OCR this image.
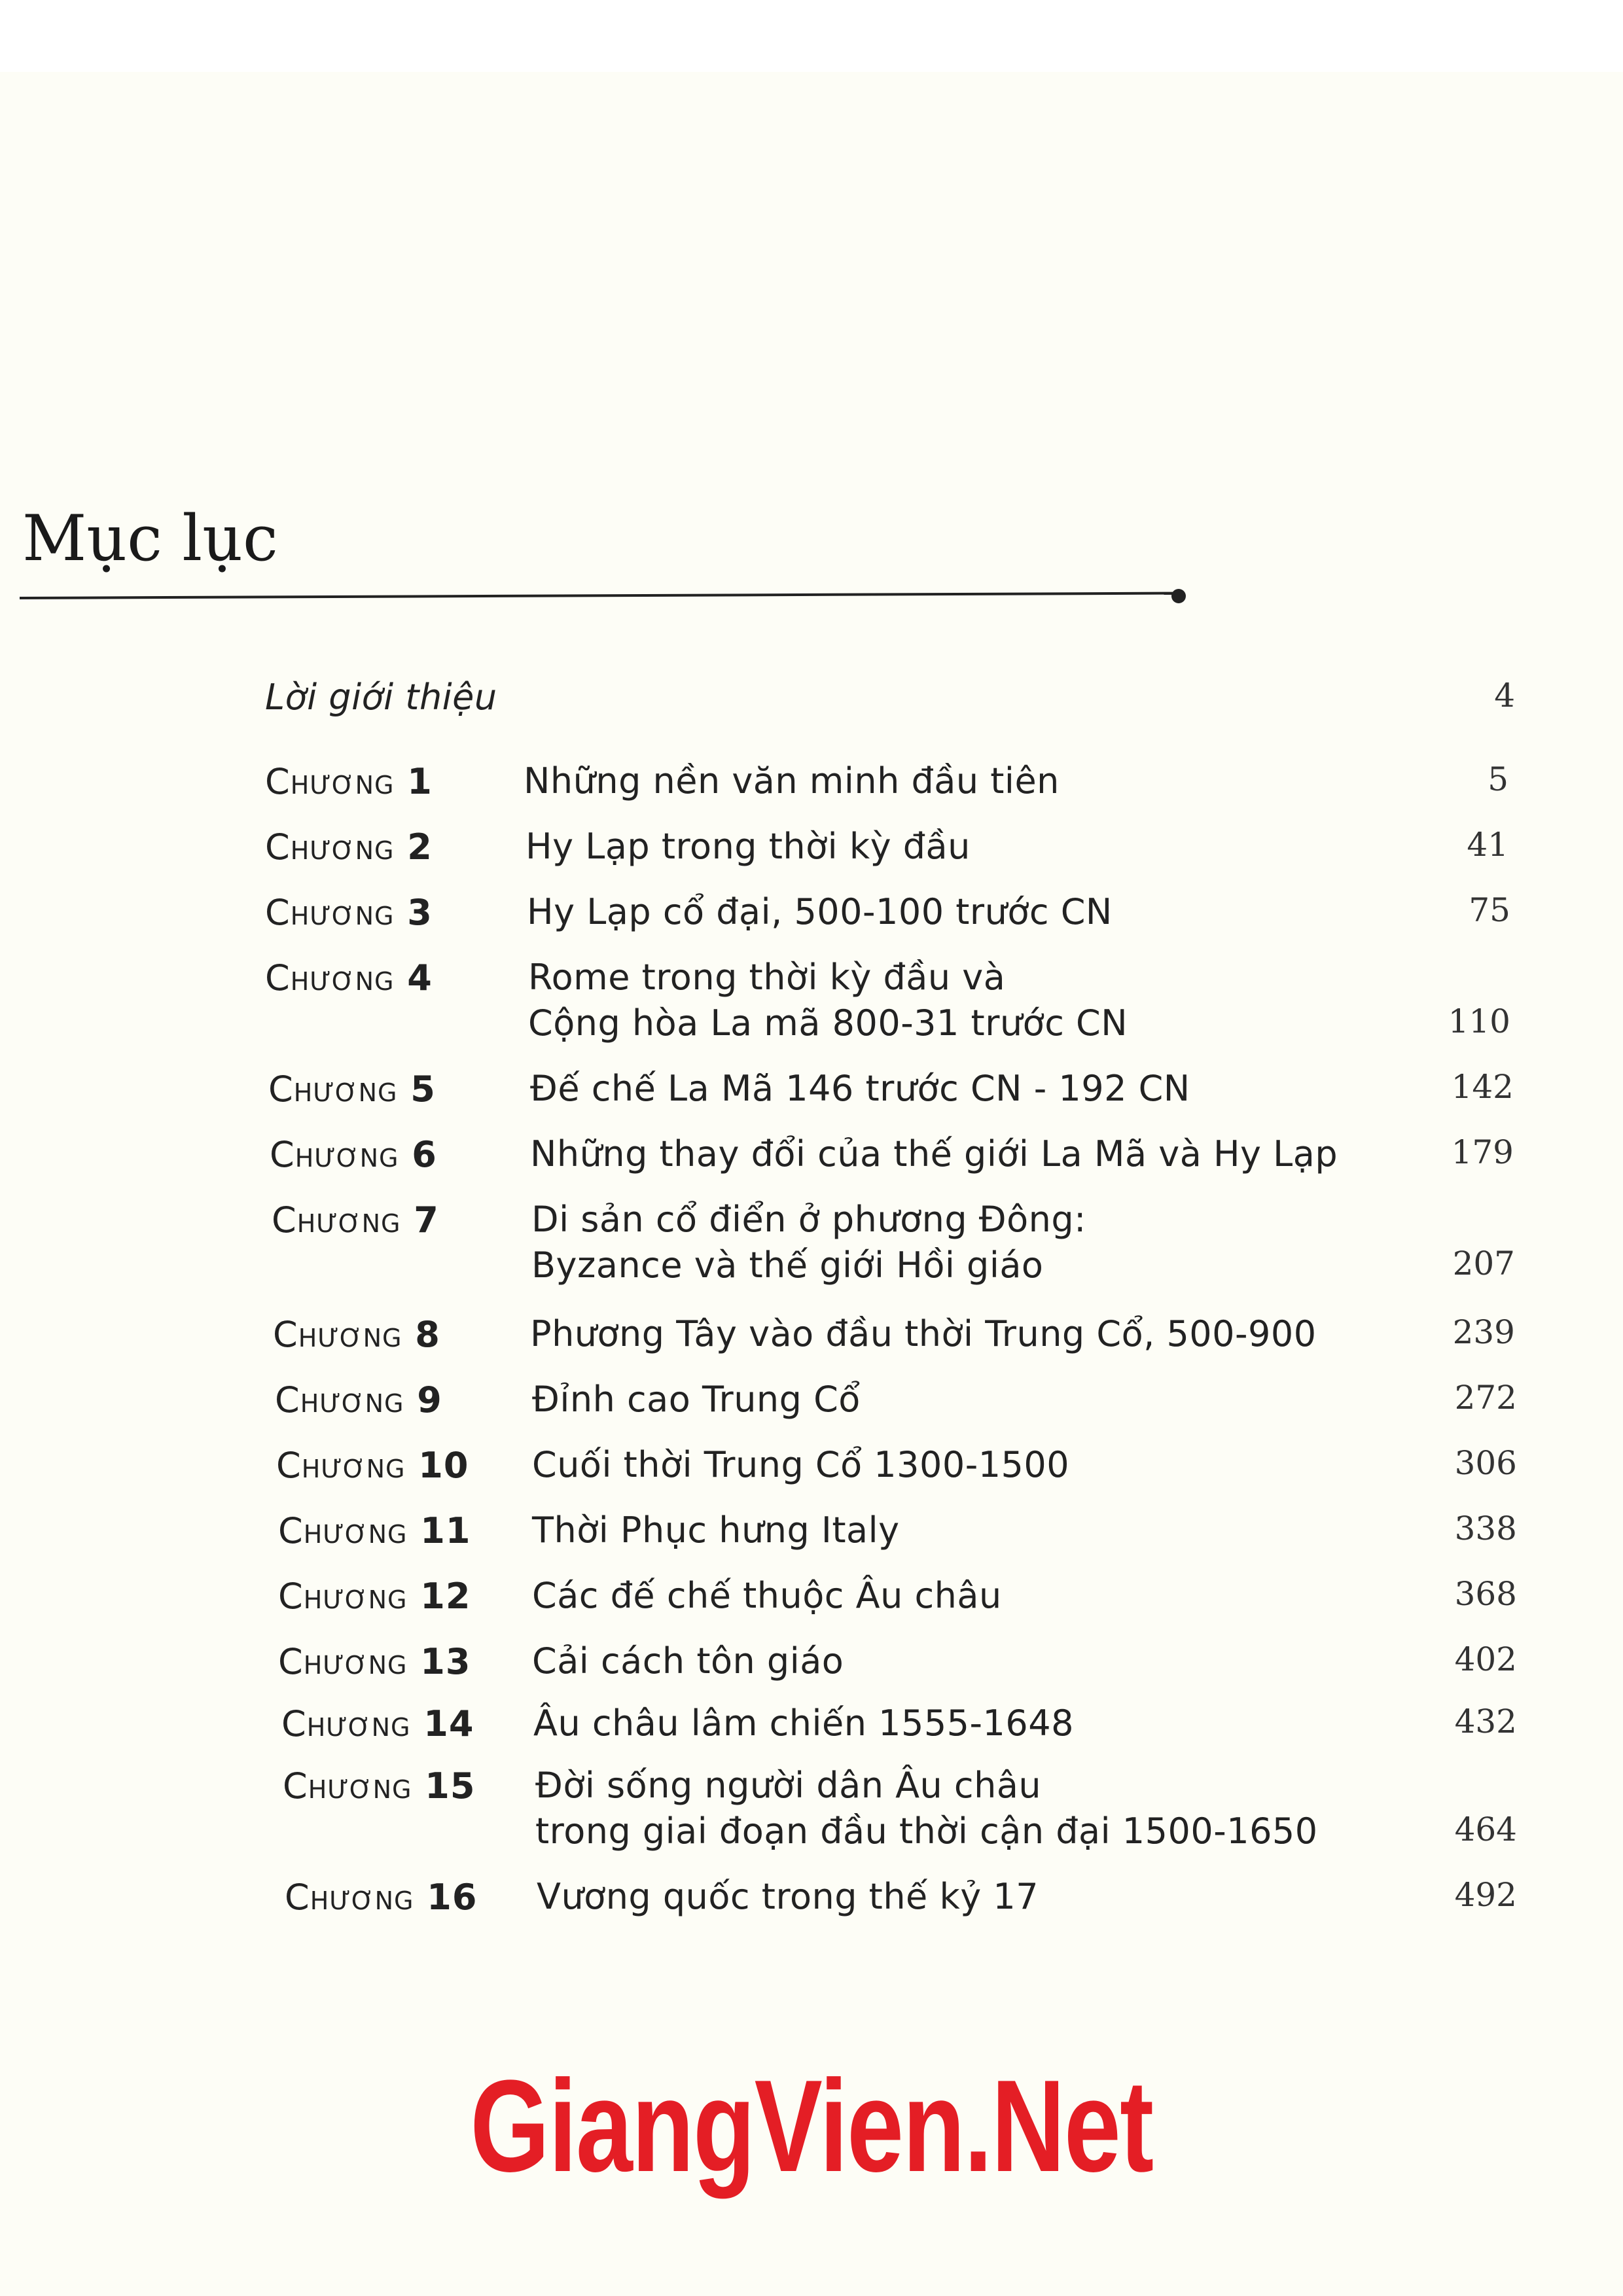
Mục lục
Lời giới thiệu	4
Chương 1	Những nền văn minh đầu tiên	5
Chương 2	Hy Lạp trong thời kỳ đầu	41
Chương 3	Hy Lạp cổ đại, 500-100 trước CN	75
Chương 4	Rome trong thời kỳ đầu và
Cộng hòa La mã 800-31 trước CN	110
Chương 5	Đế chế La Mã 146 trước CN - 192 CN	142
Chương 6	Những thay đổi của thế giới La Mã và Hy Lạp	179
Chương 7	Di sản cổ điển ở phương Đông:
Byzance và thế giới Hồi giáo	207
Chương 8	Phương Tây vào đầu thời Trung Cổ, 500-900	239
Chương 9	Đỉnh cao Trung Cổ	272
Chương 10 Cuối thời Trung Cổ 1300-1500	306
Chương 11 Thời Phục hưng Italy	338
Chương 12 Các đế chế thuộc Âu châu	368
Chương 13 Cải cách tôn giáo	402
Chương 14 Âu châu lâm chiến 1555-1648	432
Chương 15 Đời sống người dân Âu châu
trong giai đoạn đầu thời cận đại 1500-1650	464
Chương 16 Vương quốc trong thế kỷ 17	492
GiangVien.Net
